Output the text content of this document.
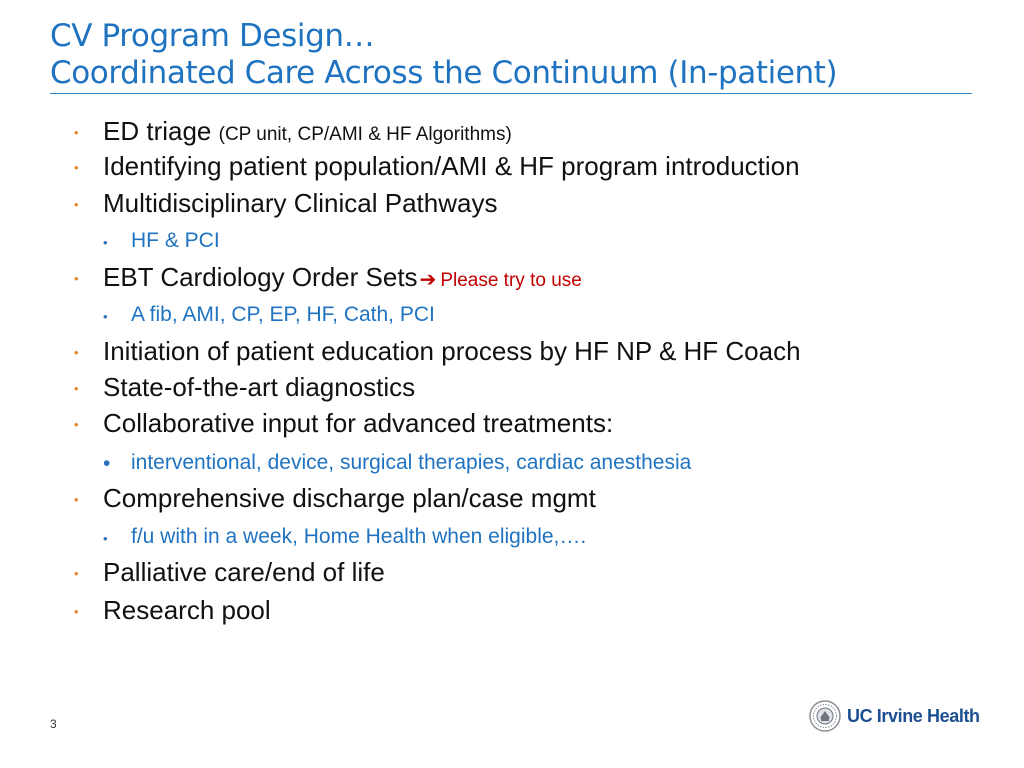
CV Program Design…
Coordinated Care Across the Continuum (In-patient)
• ED triage (CP unit, CP/AMI & HF Algorithms)
• Identifying patient population/AMI & HF program introduction
• Multidisciplinary Clinical Pathways
• HF & PCI
• EBT Cardiology Order Sets ➔ Please try to use
• A fib, AMI, CP, EP, HF, Cath, PCI
• Initiation of patient education process by HF NP & HF Coach
• State-of-the-art diagnostics
• Collaborative input for advanced treatments:
• interventional, device, surgical therapies, cardiac anesthesia
• Comprehensive discharge plan/case mgmt
• f/u with in a week, Home Health when eligible,….
• Palliative care/end of life
• Research pool
3	UC Irvine Health
